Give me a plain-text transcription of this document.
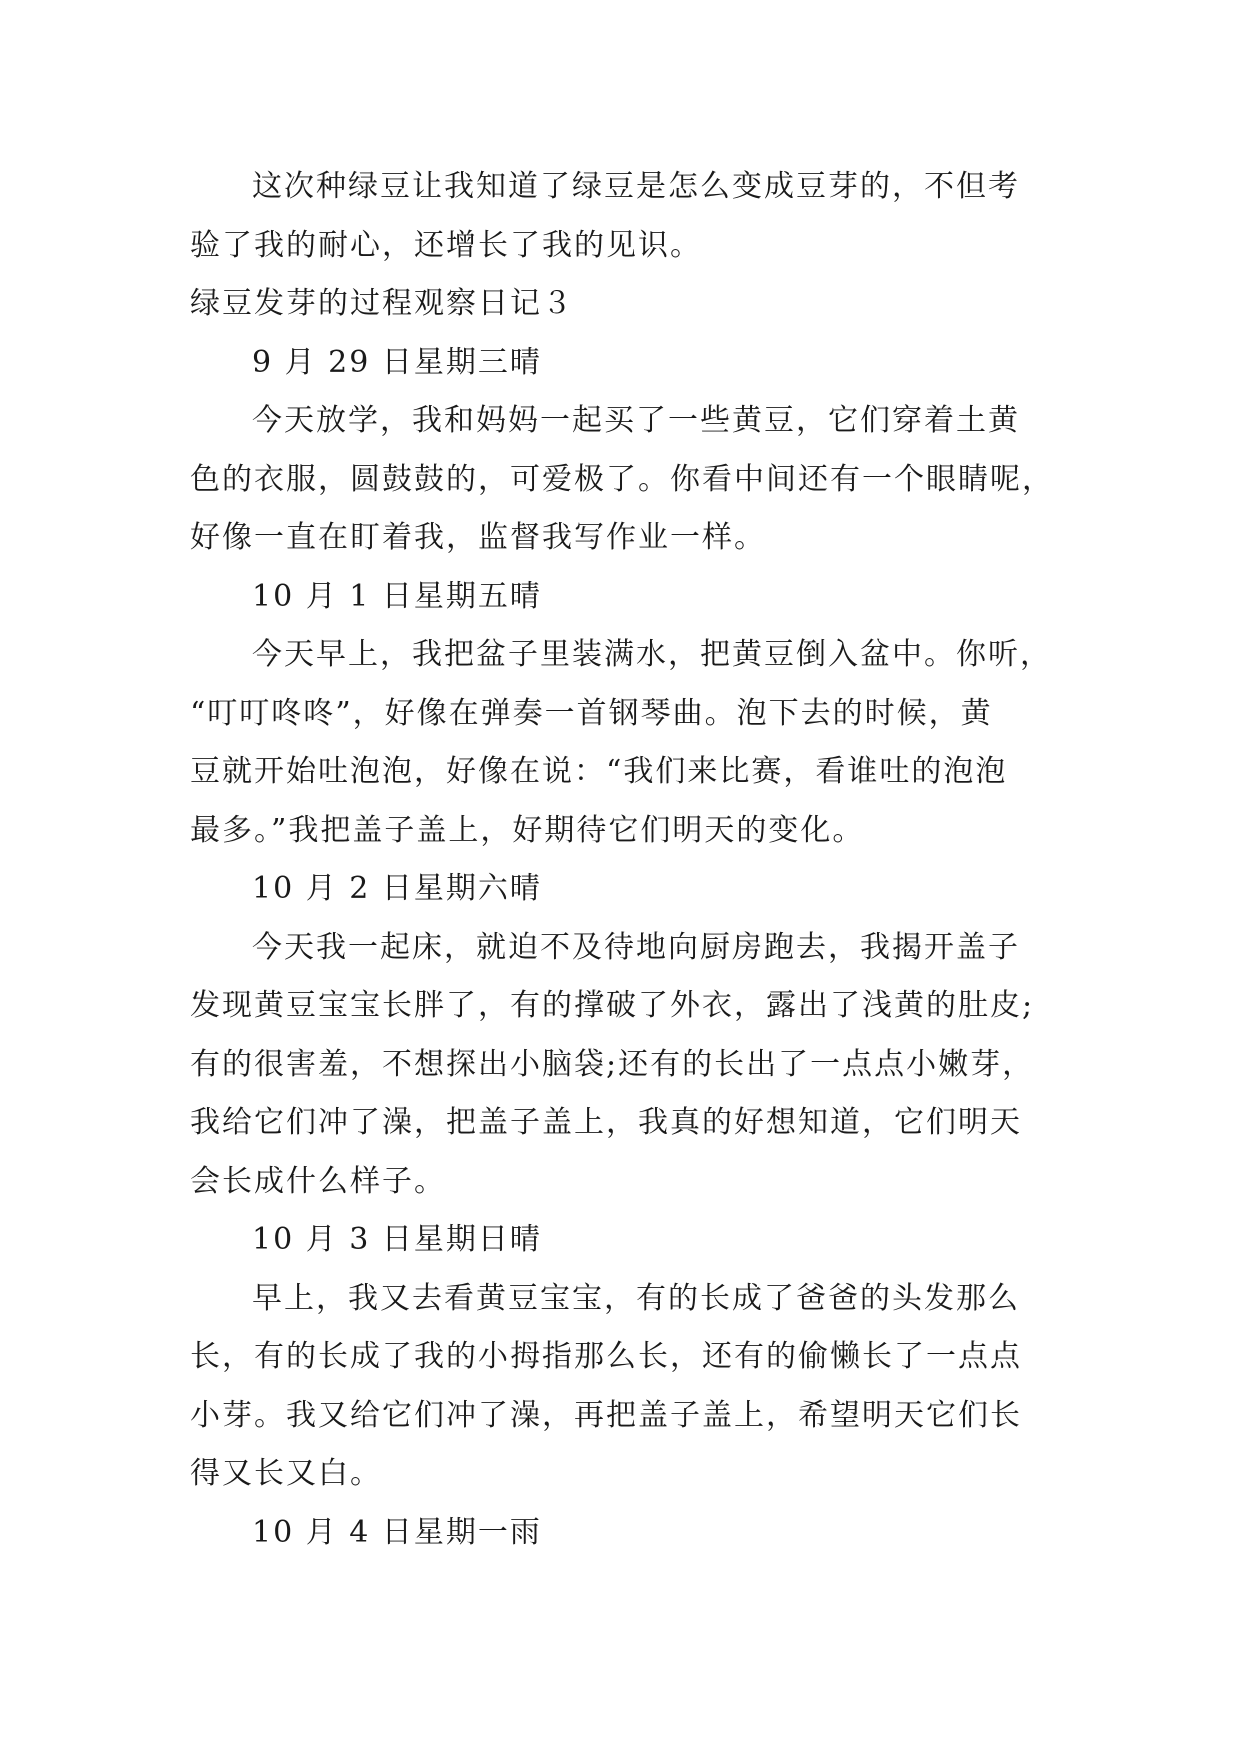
这次种绿豆让我知道了绿豆是怎么变成豆芽的，不但考

验了我的耐心，还增长了我的见识。

绿豆发芽的过程观察日记３

9 月 29 日星期三晴

今天放学，我和妈妈一起买了一些黄豆，它们穿着土黄

色的衣服，圆鼓鼓的，可爱极了。你看中间还有一个眼睛呢，

好像一直在盯着我，监督我写作业一样。

10 月 1 日星期五晴

今天早上，我把盆子里装满水，把黄豆倒入盆中。你听，

“叮叮咚咚”，好像在弹奏一首钢琴曲。泡下去的时候，黄

豆就开始吐泡泡，好像在说：“我们来比赛，看谁吐的泡泡

最多。”我把盖子盖上，好期待它们明天的变化。

10 月 2 日星期六晴

今天我一起床，就迫不及待地向厨房跑去，我揭开盖子

发现黄豆宝宝长胖了，有的撑破了外衣，露出了浅黄的肚皮;

有的很害羞，不想探出小脑袋;还有的长出了一点点小嫩芽，

我给它们冲了澡，把盖子盖上，我真的好想知道，它们明天

会长成什么样子。

10 月 3 日星期日晴

早上，我又去看黄豆宝宝，有的长成了爸爸的头发那么

长，有的长成了我的小拇指那么长，还有的偷懒长了一点点

小芽。我又给它们冲了澡，再把盖子盖上，希望明天它们长

得又长又白。

10 月 4 日星期一雨
